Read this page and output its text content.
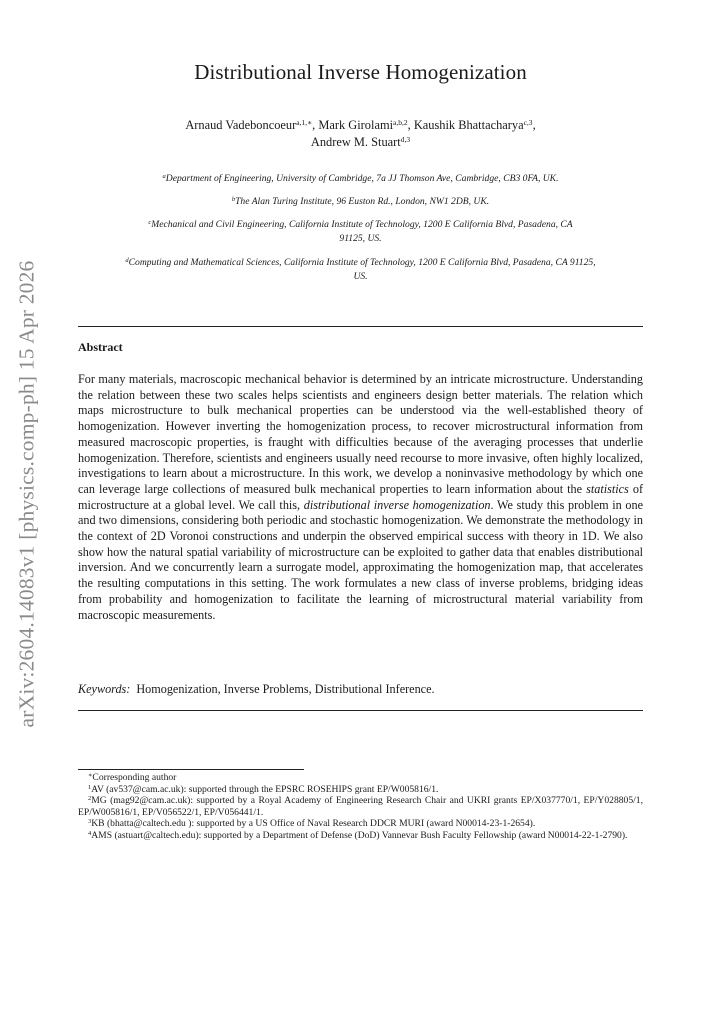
arXiv:2604.14083v1 [physics.comp-ph] 15 Apr 2026
Distributional Inverse Homogenization
Arnaud Vadeboncoeur$^{a,1,∗}$, Mark Girolami$^{a,b,2}$, Kaushik Bhattacharya$^{c,3}$,
Andrew M. Stuart$^{d,3}$
$^a$Department of Engineering, University of Cambridge, 7a JJ Thomson Ave, Cambridge, CB3 0FA, UK.
$^b$The Alan Turing Institute, 96 Euston Rd., London, NW1 2DB, UK.
$^c$Mechanical and Civil Engineering, California Institute of Technology, 1200 E California Blvd, Pasadena, CA 91125, US.
$^d$Computing and Mathematical Sciences, California Institute of Technology, 1200 E California Blvd, Pasadena, CA 91125, US.
Abstract

For many materials, macroscopic mechanical behavior is determined by an intricate microstructure. Understanding the relation between these two scales helps scientists and engineers design better materials. The relation which maps microstructure to bulk mechanical properties can be understood via the well-established theory of homogenization. However inverting the homogenization process, to recover microstructural information from measured macroscopic properties, is fraught with difficulties because of the averaging processes that underlie homogenization. Therefore, scientists and engineers usually need recourse to more invasive, often highly localized, investigations to learn about a microstructure. In this work, we develop a noninvasive methodology by which one can leverage large collections of measured bulk mechanical properties to learn information about the statistics of microstructure at a global level. We call this, distributional inverse homogenization. We study this problem in one and two dimensions, considering both periodic and stochastic homogenization. We demonstrate the methodology in the context of 2D Voronoi constructions and underpin the observed empirical success with theory in 1D. We also show how the natural spatial variability of microstructure can be exploited to gather data that enables distributional inversion. And we concurrently learn a surrogate model, approximating the homogenization map, that accelerates the resulting computations in this setting. The work formulates a new class of inverse problems, bridging ideas from probability and homogenization to facilitate the learning of microstructural material variability from macroscopic measurements.

Keywords: Homogenization, Inverse Problems, Distributional Inference.

∗Corresponding author

$^1$AV (av537@cam.ac.uk): supported through the EPSRC ROSEHIPS grant EP/W005816/1.

$^2$MG (mag92@cam.ac.uk): supported by a Royal Academy of Engineering Research Chair and UKRI grants EP/X037770/1, EP/Y028805/1, EP/W005816/1, EP/V056522/1, EP/V056441/1.

$^3$KB (bhatta@caltech.edu ): supported by a US Office of Naval Research DDCR MURI (award N00014-23-1-2654).

$^4$AMS (astuart@caltech.edu): supported by a Department of Defense (DoD) Vannevar Bush Faculty Fellowship (award N00014-22-1-2790).
